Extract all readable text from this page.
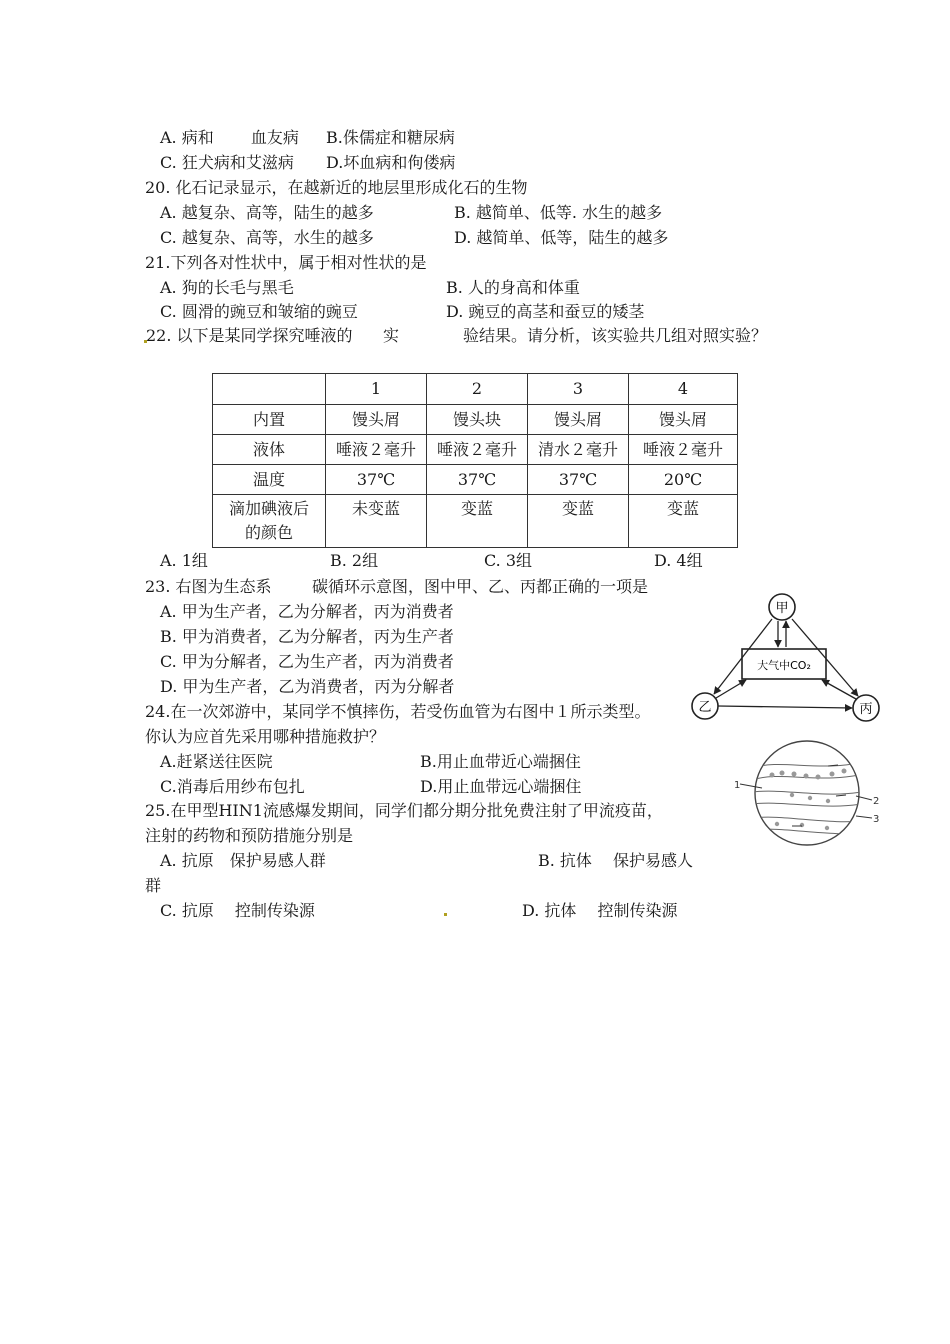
A. 病和　　 血友病 B.侏儒症和糖尿病
C. 狂犬病和艾滋病 D.坏血病和佝偻病
20. 化石记录显示，在越新近的地层里形成化石的生物
A. 越复杂、高等，陆生的越多	B. 越简单、低等. 水生的越多
C. 越复杂、高等，水生的越多	D. 越简单、低等，陆生的越多
21.下列各对性状中，属于相对性状的是
A. 狗的长毛与黑毛	B. 人的身高和体重
C. 圆滑的豌豆和皱缩的豌豆	D. 豌豆的高茎和蚕豆的矮茎
22. 以下是某同学探究唾液的 实	验结果。请分析，该实验共几组对照实验？
	1	2	3	4
内置	馒头屑	馒头块	馒头屑	馒头屑
液体	唾液２毫升	唾液２毫升	清水２毫升	唾液２毫升
温度	37℃	37℃	37℃	20℃
滴加碘液后的颜色	未变蓝	变蓝	变蓝	变蓝
A. 1组	B. 2组	C. 3组	D. 4组
23. 右图为生态系	碳循环示意图，图中甲、乙、丙都正确的一项是
A. 甲为生产者，乙为分解者，丙为消费者
B. 甲为消费者，乙为分解者，丙为生产者
C. 甲为分解者，乙为生产者，丙为消费者
D. 甲为生产者，乙为消费者，丙为分解者
甲
乙	丙
大气中CO₂
24.在一次郊游中，某同学不慎摔伤，若受伤血管为右图中１所示类型。
你认为应首先采用哪种措施救护？
A.赶紧送往医院	B.用止血带近心端捆住
C.消毒后用纱布包扎	D.用止血带远心端捆住	1
2
3
25.在甲型HIN1流感爆发期间，同学们都分期分批免费注射了甲流疫苗，
注射的药物和预防措施分别是
A. 抗原　保护易感人群	B. 抗体　 保护易感人
群
C. 抗原　 控制传染源	D. 抗体　 控制传染源
